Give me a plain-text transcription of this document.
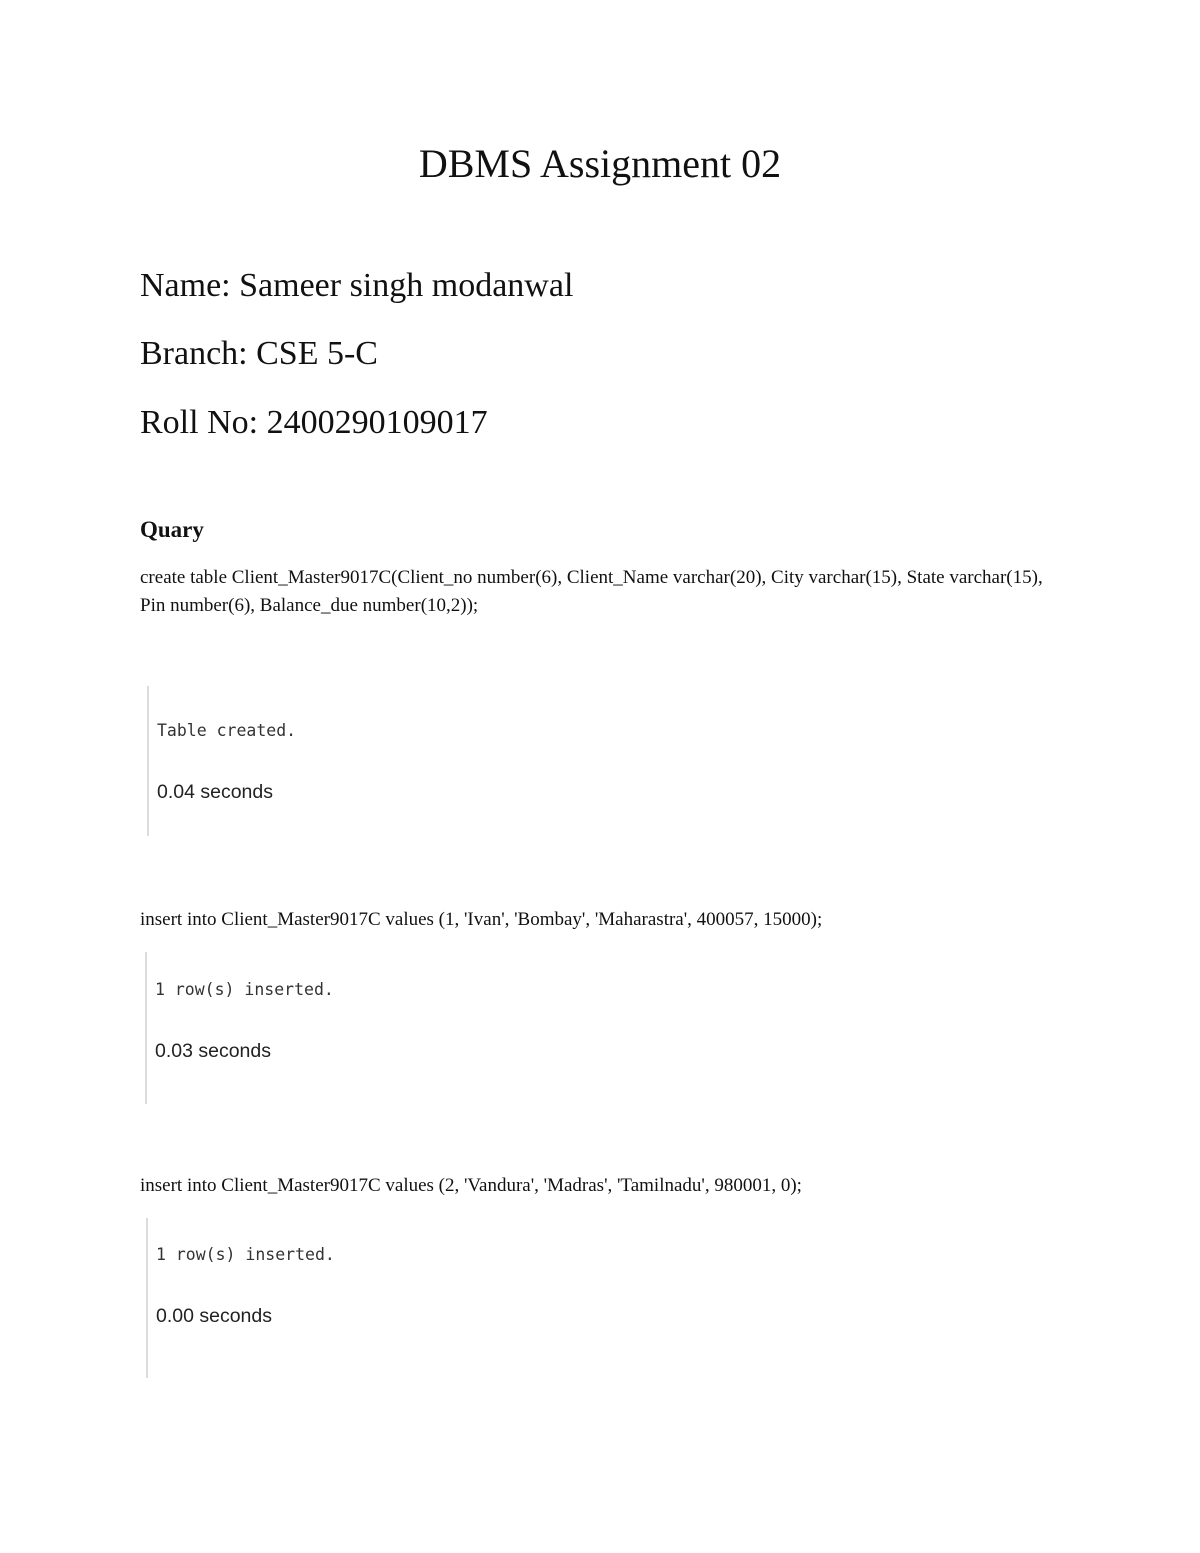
DBMS Assignment 02
Name: Sameer singh modanwal
Branch: CSE 5-C
Roll No: 2400290109017
Quary
create table Client_Master9017C(Client_no number(6), Client_Name varchar(20), City varchar(15), State varchar(15), Pin number(6), Balance_due number(10,2));
Table created.
0.04 seconds
insert into Client_Master9017C values (1, 'Ivan', 'Bombay', 'Maharastra', 400057, 15000);
1 row(s) inserted.
0.03 seconds
insert into Client_Master9017C values (2, 'Vandura', 'Madras', 'Tamilnadu', 980001, 0);
1 row(s) inserted.
0.00 seconds
